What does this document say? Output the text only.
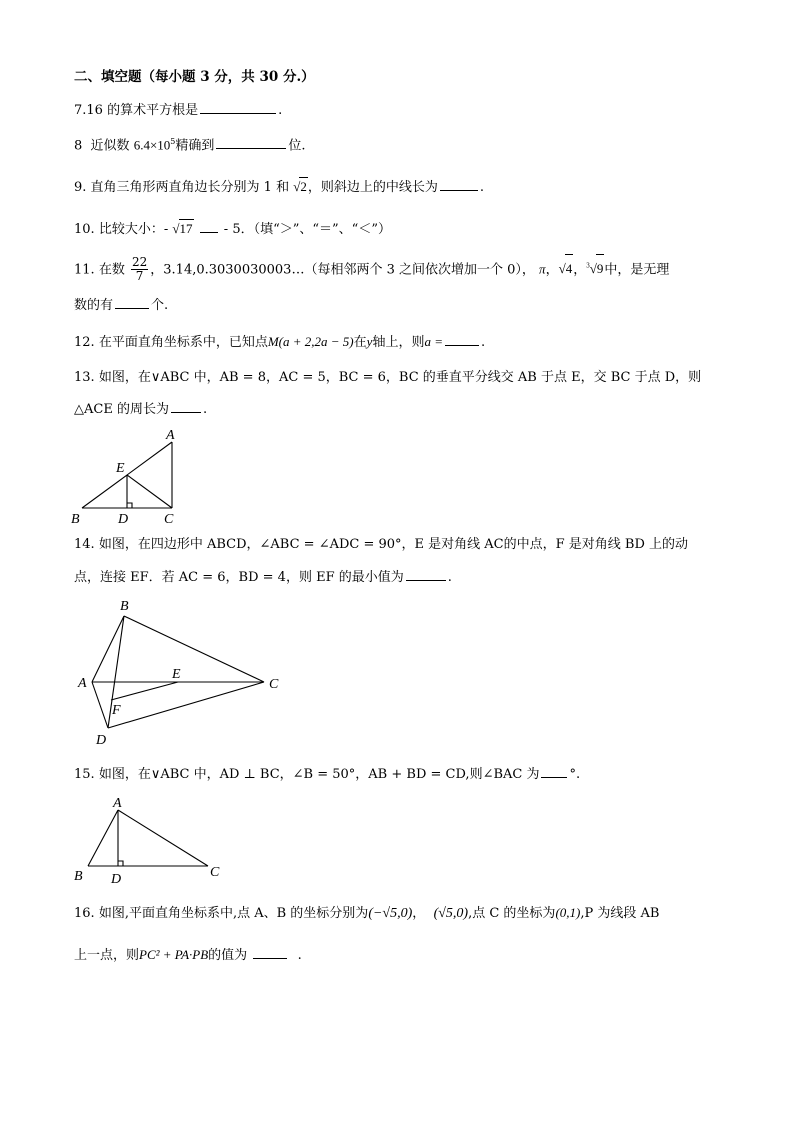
二、填空题（每小题 3 分，共 30 分.）
7.16 的算术平方根是	.
8 近似数 $6.4\times 10^5$精确到	位.
9. 直角三角形两直角边长分别为 1 和 √2，则斜边上的中线长为	.
10. 比较大小：- √17 - 5．（填“＞”、“＝”、“＜”）
11. 在数 $\frac{22}{7}$ ，3.14,0.3030030003…（每相邻两个 3 之间依次增加一个 0）， π，√4，$^3$√9中，是无理
数的有	个.
12. 在平面直角坐标系中，已知点M(a + 2,2a − 5)在y轴上，则a =	.
13. 如图，在∨ABC 中，AB = 8，AC = 5，BC = 6，BC 的垂直平分线交 AB 于点 E，交 BC 于点 D，则
△ACE 的周长为	.
A
E
B	D	C
14. 如图，在四边形中 ABCD，∠ABC = ∠ADC = 90°，E 是对角线 AC的中点，F 是对角线 BD 上的动
点，连接 EF．若 AC = 6，BD = 4，则 EF 的最小值为	.
B
A
E
C
F
D
15. 如图，在∨ABC 中，AD ⊥ BC，∠B = 50°，AB + BD = CD,则∠BAC 为 °.
A
B D	C
16. 如图,平面直角坐标系中,点 A、B 的坐标分别为(−√5,0)， (√5,0),点 C 的坐标为(0,1),P 为线段 AB
上一点，则PC² + PA·PB的值为	.
